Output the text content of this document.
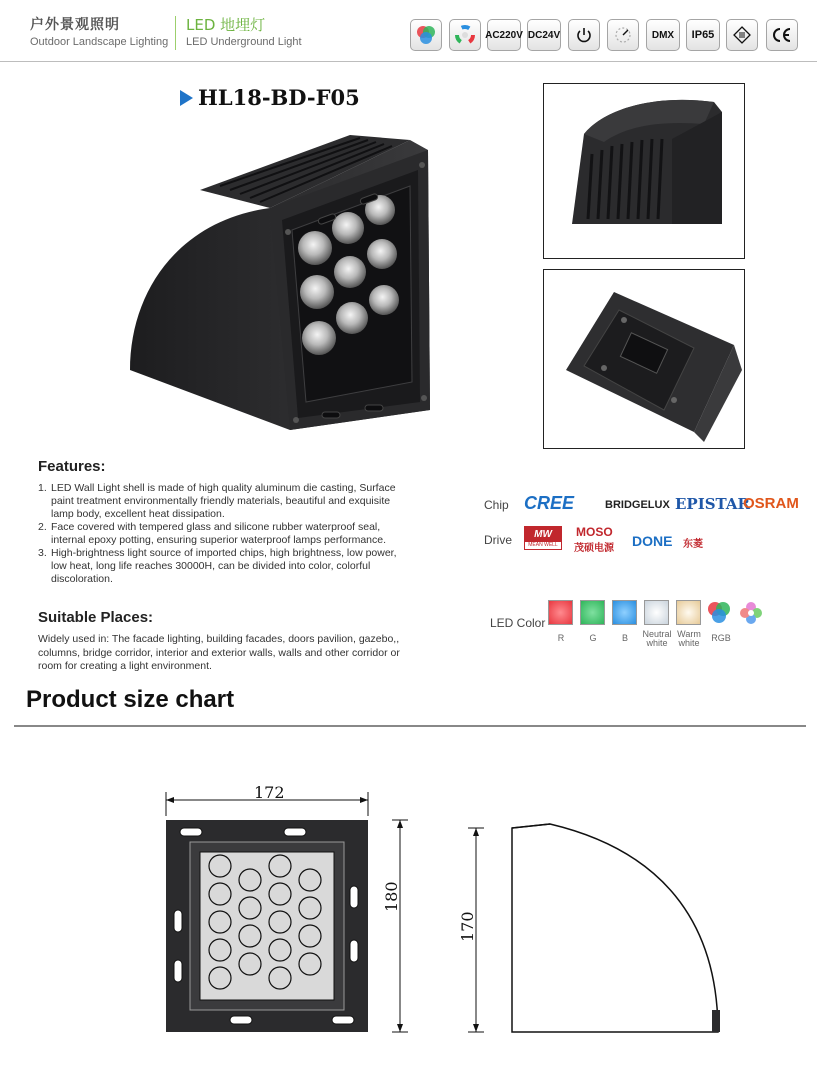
户外景观照明
Outdoor Landscape Lighting
LED 地埋灯
LED Underground Light
AC220V DC24V	DMX	IP65
HL18-BD-F05
Features:
1. LED Wall Light shell is made of high quality aluminum die casting, Surface paint treatment environmentally friendly materials, beautiful and exquisite lamp body, excellent heat dissipation.
2. Face covered with tempered glass and silicone rubber waterproof seal, internal epoxy potting, ensuring superior waterproof lamps performance.
3. High-brightness light source of imported chips, high brightness, low power, low heat, long life reaches 30000H, can be divided into color, colorful discoloration.
Suitable Places:
Widely used in: The facade lighting, building facades, doors pavilion, gazebo,, columns, bridge corridor, interior and exterior walls, walls and other corridor or room for creating a light environment.
Chip CREE	BRIDGELUX EPISTAR
OSRAM
Drive	MW
MEAN WELL
MOSO
茂硕电源 DONE 东菱
LED Color
R	G	B	Neutral
white
Warm
white	RGB
Product size chart
172
180
170
